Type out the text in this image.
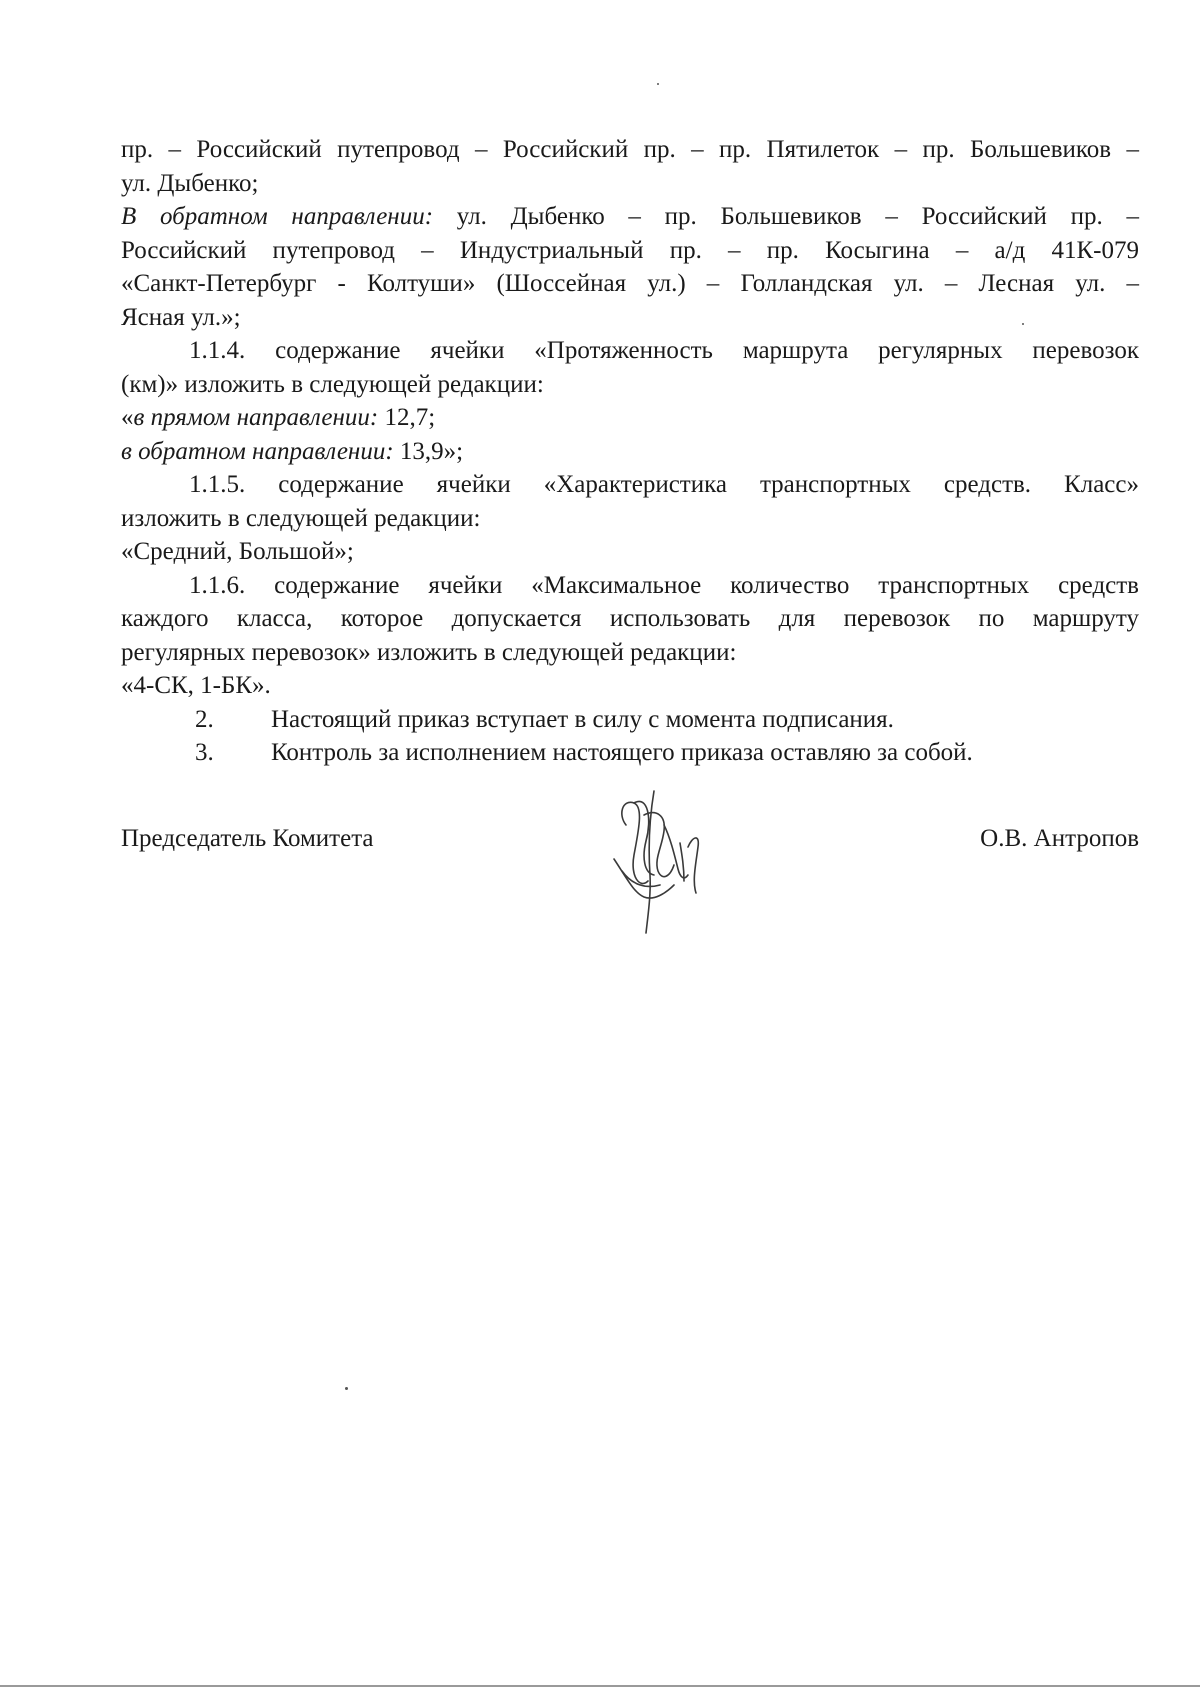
пр. – Российский путепровод – Российский пр. – пр. Пятилеток – пр. Большевиков –
ул. Дыбенко;
В обратном направлении: ул. Дыбенко – пр. Большевиков – Российский пр. –
Российский путепровод – Индустриальный пр. – пр. Косыгина – а/д 41К-079
«Санкт-Петербург - Колтуши» (Шоссейная ул.) – Голландская ул. – Лесная ул. –
Ясная ул.»;
1.1.4. содержание ячейки «Протяженность маршрута регулярных перевозок
(км)» изложить в следующей редакции:
«в прямом направлении: 12,7;
в обратном направлении: 13,9»;
1.1.5. содержание ячейки «Характеристика транспортных средств. Класс»
изложить в следующей редакции:
«Средний, Большой»;
1.1.6. содержание ячейки «Максимальное количество транспортных средств
каждого класса, которое допускается использовать для перевозок по маршруту
регулярных перевозок» изложить в следующей редакции:
«4-СК, 1-БК».
2. Настоящий приказ вступает в силу с момента подписания.
3. Контроль за исполнением настоящего приказа оставляю за собой.
Председатель Комитета	О.В. Антропов
